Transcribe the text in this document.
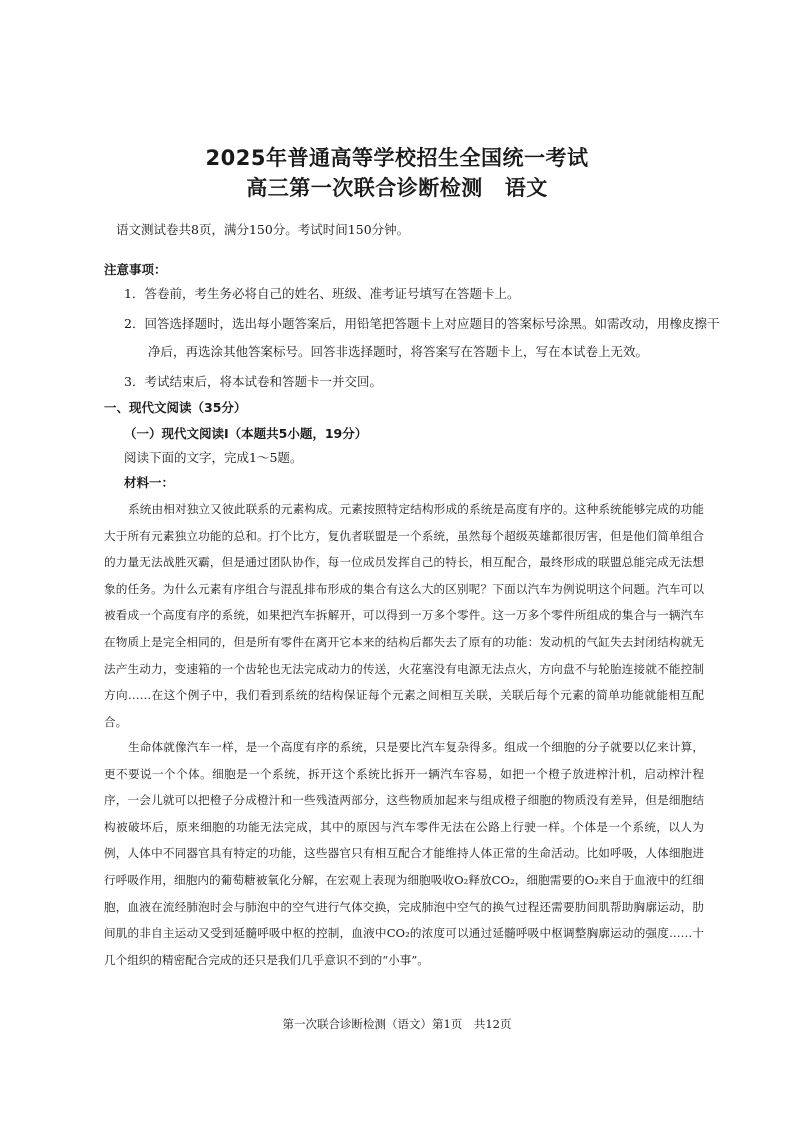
2025年普通高等学校招生全国统一考试
高三第一次联合诊断检测 语文
语文测试卷共8页，满分150分。考试时间150分钟。
注意事项：
1．答卷前，考生务必将自己的姓名、班级、准考证号填写在答题卡上。
2．回答选择题时，选出每小题答案后，用铅笔把答题卡上对应题目的答案标号涂黑。如需改动，用橡皮擦干
净后，再选涂其他答案标号。回答非选择题时，将答案写在答题卡上，写在本试卷上无效。
3．考试结束后，将本试卷和答题卡一并交回。
一、现代文阅读（35分）
（一）现代文阅读Ⅰ（本题共5小题，19分）
阅读下面的文字，完成1～5题。
材料一：

系统由相对独立又彼此联系的元素构成。元素按照特定结构形成的系统是高度有序的。这种系统能够完成的功能大于所有元素独立功能的总和。打个比方，复仇者联盟是一个系统，虽然每个超级英雄都很厉害，但是他们简单组合的力量无法战胜灭霸，但是通过团队协作，每一位成员发挥自己的特长，相互配合，最终形成的联盟总能完成无法想象的任务。为什么元素有序组合与混乱排布形成的集合有这么大的区别呢？下面以汽车为例说明这个问题。汽车可以被看成一个高度有序的系统，如果把汽车拆解开，可以得到一万多个零件。这一万多个零件所组成的集合与一辆汽车在物质上是完全相同的，但是所有零件在离开它本来的结构后都失去了原有的功能：发动机的气缸失去封闭结构就无法产生动力，变速箱的一个齿轮也无法完成动力的传送，火花塞没有电源无法点火，方向盘不与轮胎连接就不能控制方向……在这个例子中，我们看到系统的结构保证每个元素之间相互关联，关联后每个元素的简单功能就能相互配合。

生命体就像汽车一样，是一个高度有序的系统，只是要比汽车复杂得多。组成一个细胞的分子就要以亿来计算，更不要说一个个体。细胞是一个系统，拆开这个系统比拆开一辆汽车容易，如把一个橙子放进榨汁机，启动榨汁程序，一会儿就可以把橙子分成橙汁和一些残渣两部分，这些物质加起来与组成橙子细胞的物质没有差异，但是细胞结构被破坏后，原来细胞的功能无法完成，其中的原因与汽车零件无法在公路上行驶一样。个体是一个系统，以人为例，人体中不同器官具有特定的功能，这些器官只有相互配合才能维持人体正常的生命活动。比如呼吸，人体细胞进行呼吸作用，细胞内的葡萄糖被氧化分解，在宏观上表现为细胞吸收O₂释放CO₂，细胞需要的O₂来自于血液中的红细胞，血液在流经肺泡时会与肺泡中的空气进行气体交换，完成肺泡中空气的换气过程还需要肋间肌帮助胸廓运动，肋间肌的非自主运动又受到延髓呼吸中枢的控制，血液中CO₂的浓度可以通过延髓呼吸中枢调整胸廓运动的强度……十几个组织的精密配合完成的还只是我们几乎意识不到的“小事”。

第一次联合诊断检测（语文）第1页　共12页
